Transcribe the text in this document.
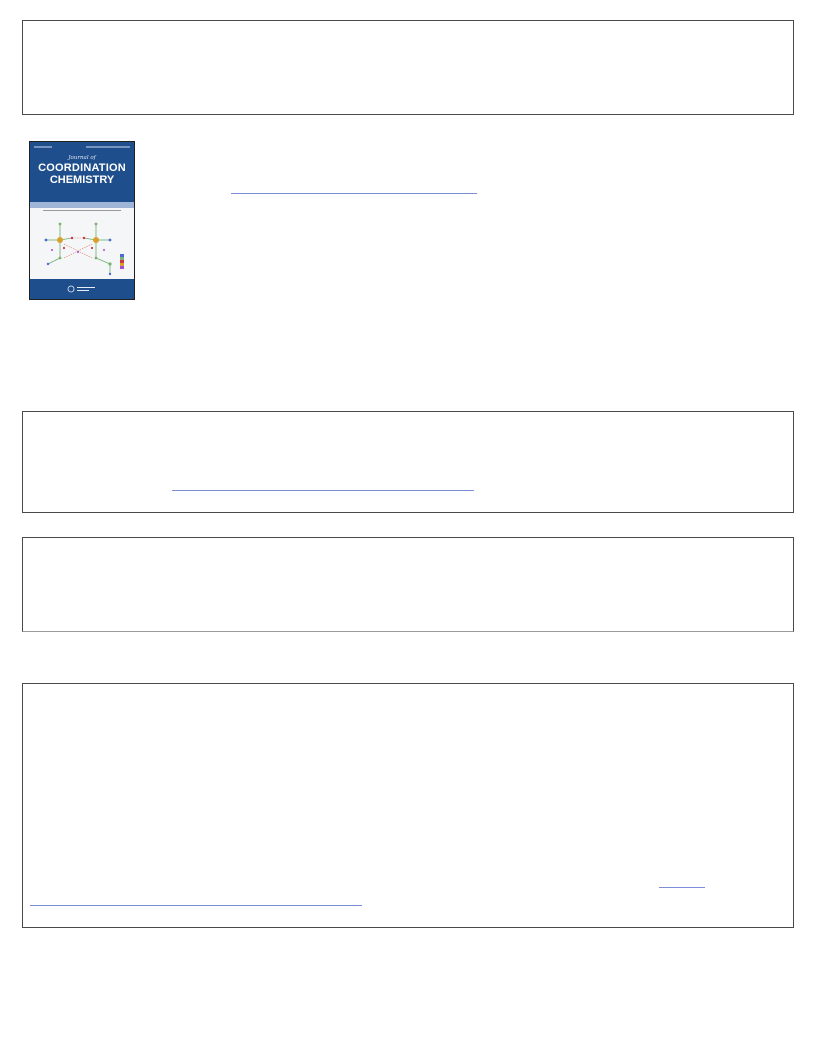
Journal of
COORDINATION
CHEMISTRY
